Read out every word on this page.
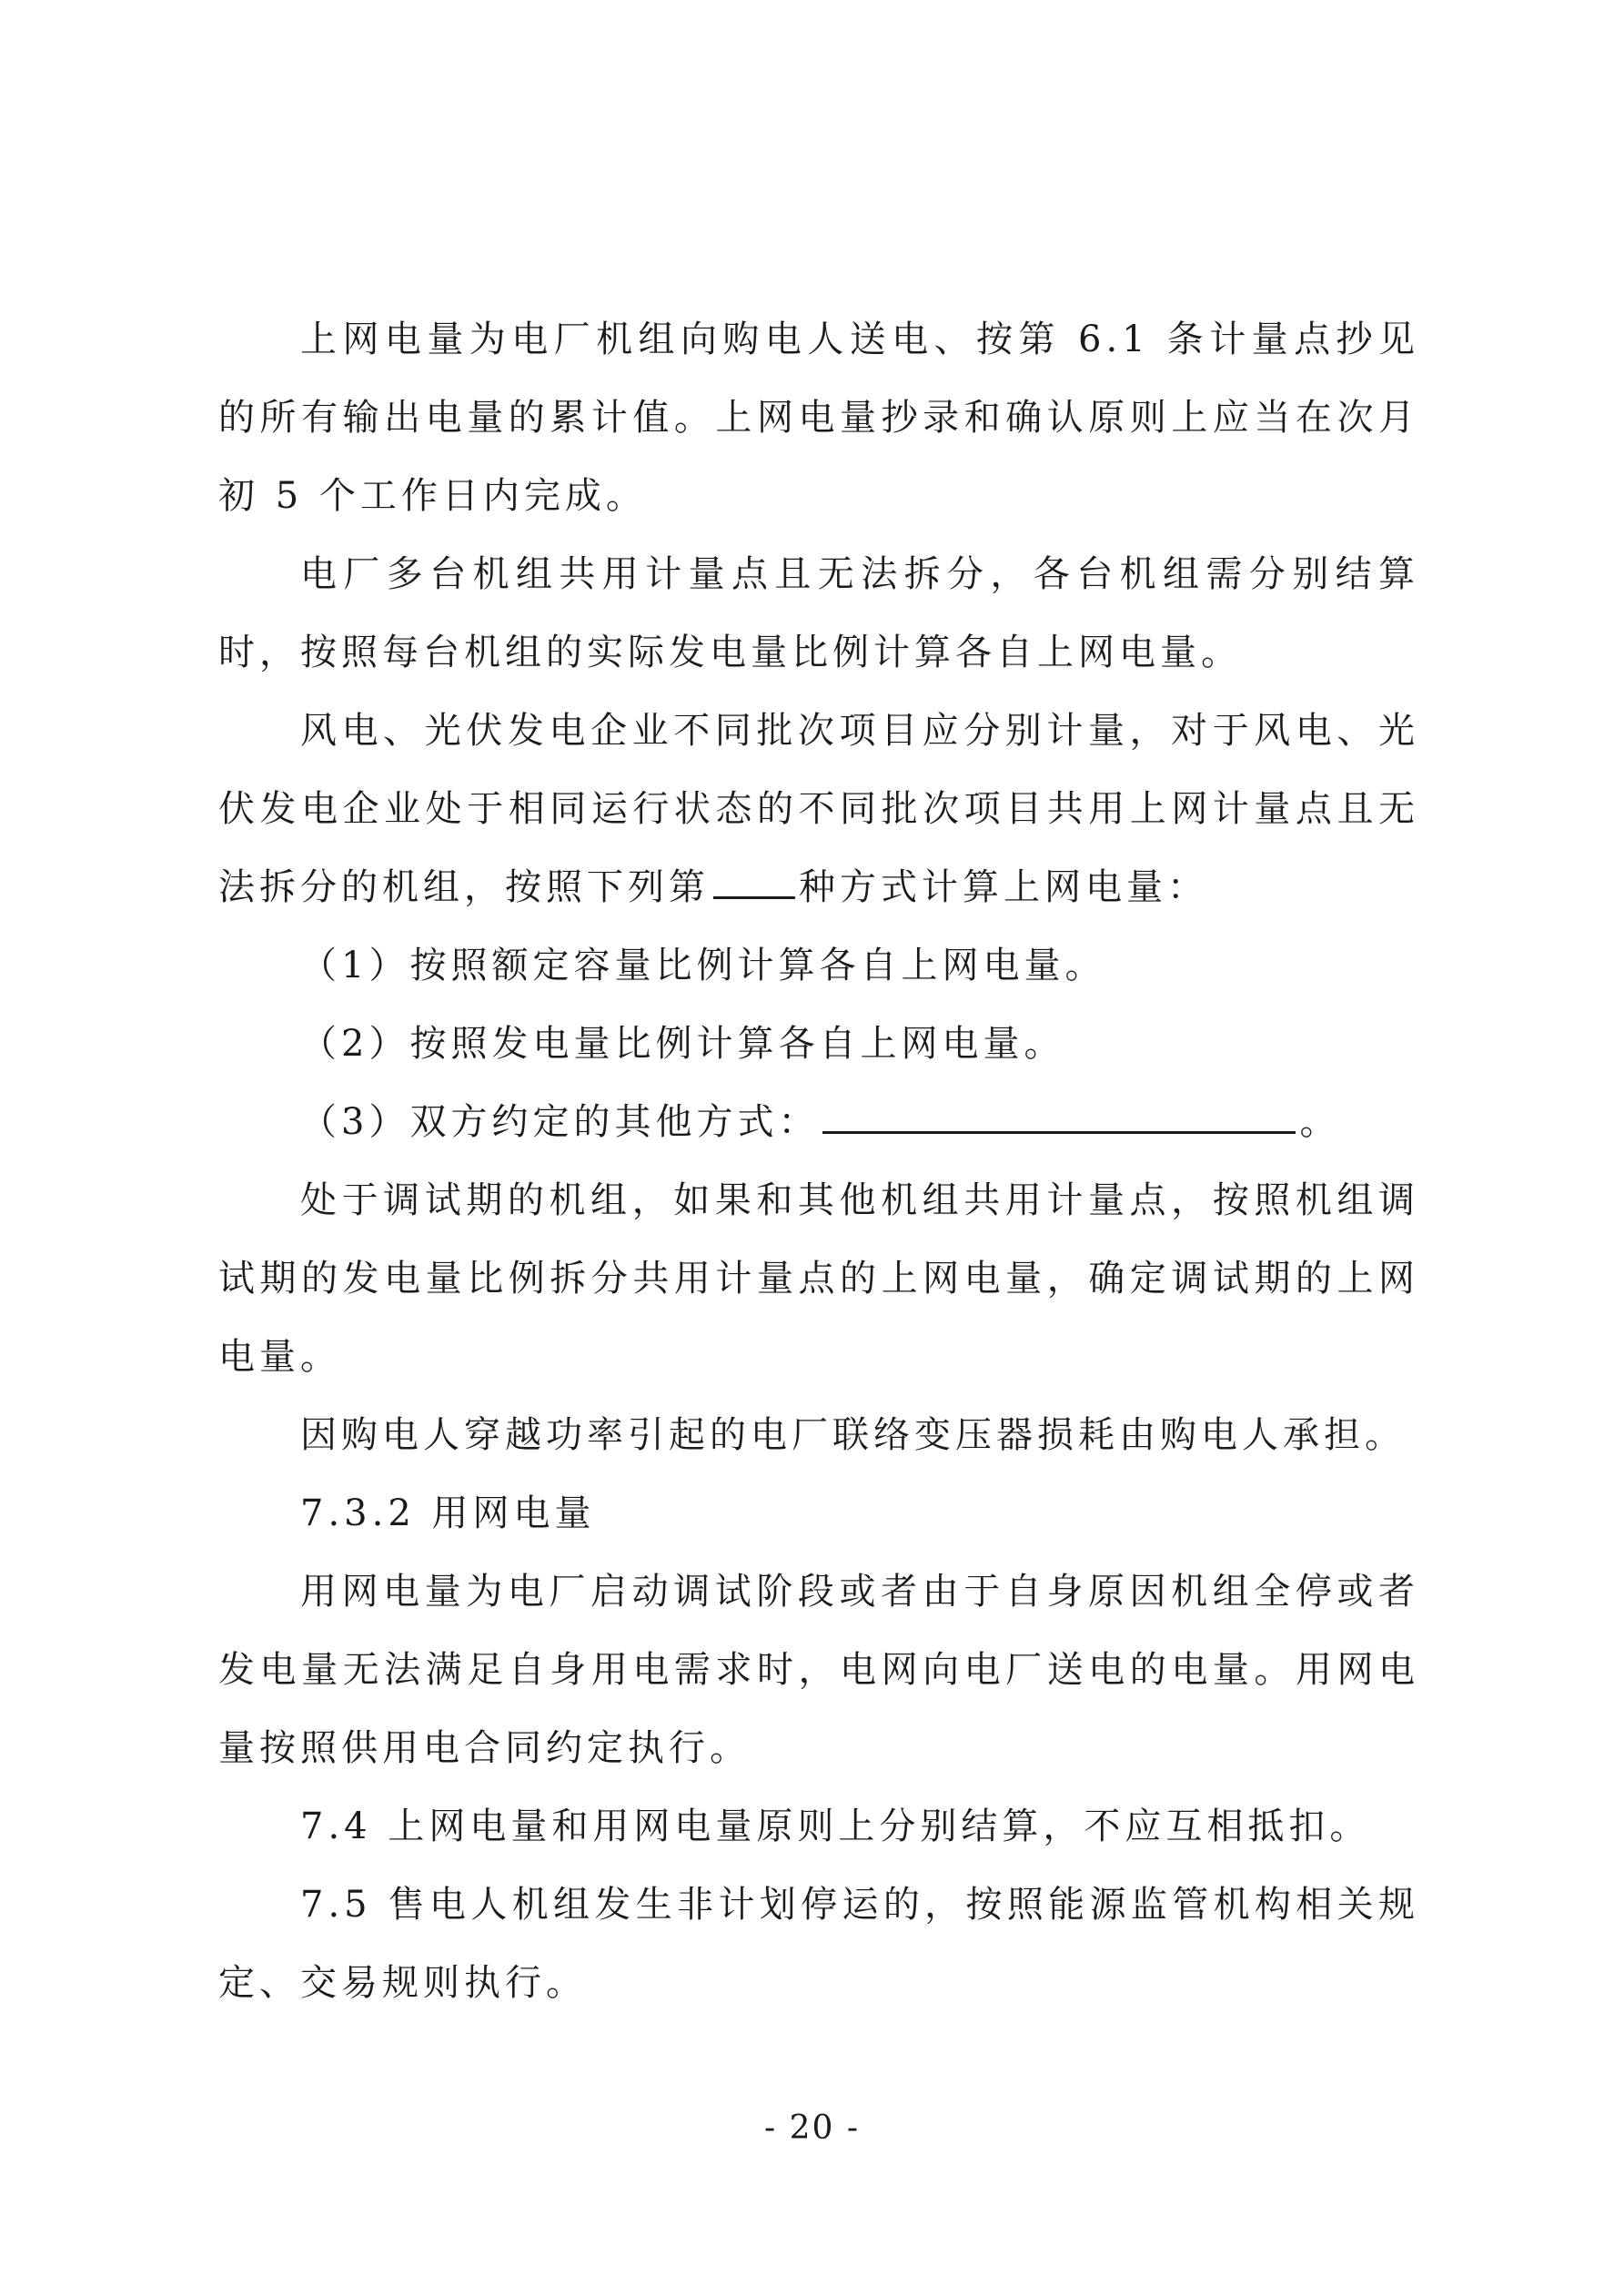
上网电量为电厂机组向购电人送电、按第 6.1 条计量点抄见的所有输出电量的累计值。上网电量抄录和确认原则上应当在次月初 5 个工作日内完成。

电厂多台机组共用计量点且无法拆分，各台机组需分别结算时，按照每台机组的实际发电量比例计算各自上网电量。

风电、光伏发电企业不同批次项目应分别计量，对于风电、光伏发电企业处于相同运行状态的不同批次项目共用上网计量点且无法拆分的机组，按照下列第 种方式计算上网电量：

（1）按照额定容量比例计算各自上网电量。

（2）按照发电量比例计算各自上网电量。

（3）双方约定的其他方式：	。

处于调试期的机组，如果和其他机组共用计量点，按照机组调试期的发电量比例拆分共用计量点的上网电量，确定调试期的上网电量。

因购电人穿越功率引起的电厂联络变压器损耗由购电人承担。

7.3.2 用网电量

用网电量为电厂启动调试阶段或者由于自身原因机组全停或者发电量无法满足自身用电需求时，电网向电厂送电的电量。用网电量按照供用电合同约定执行。

7.4 上网电量和用网电量原则上分别结算，不应互相抵扣。

7.5 售电人机组发生非计划停运的，按照能源监管机构相关规定、交易规则执行。

- 20 -
